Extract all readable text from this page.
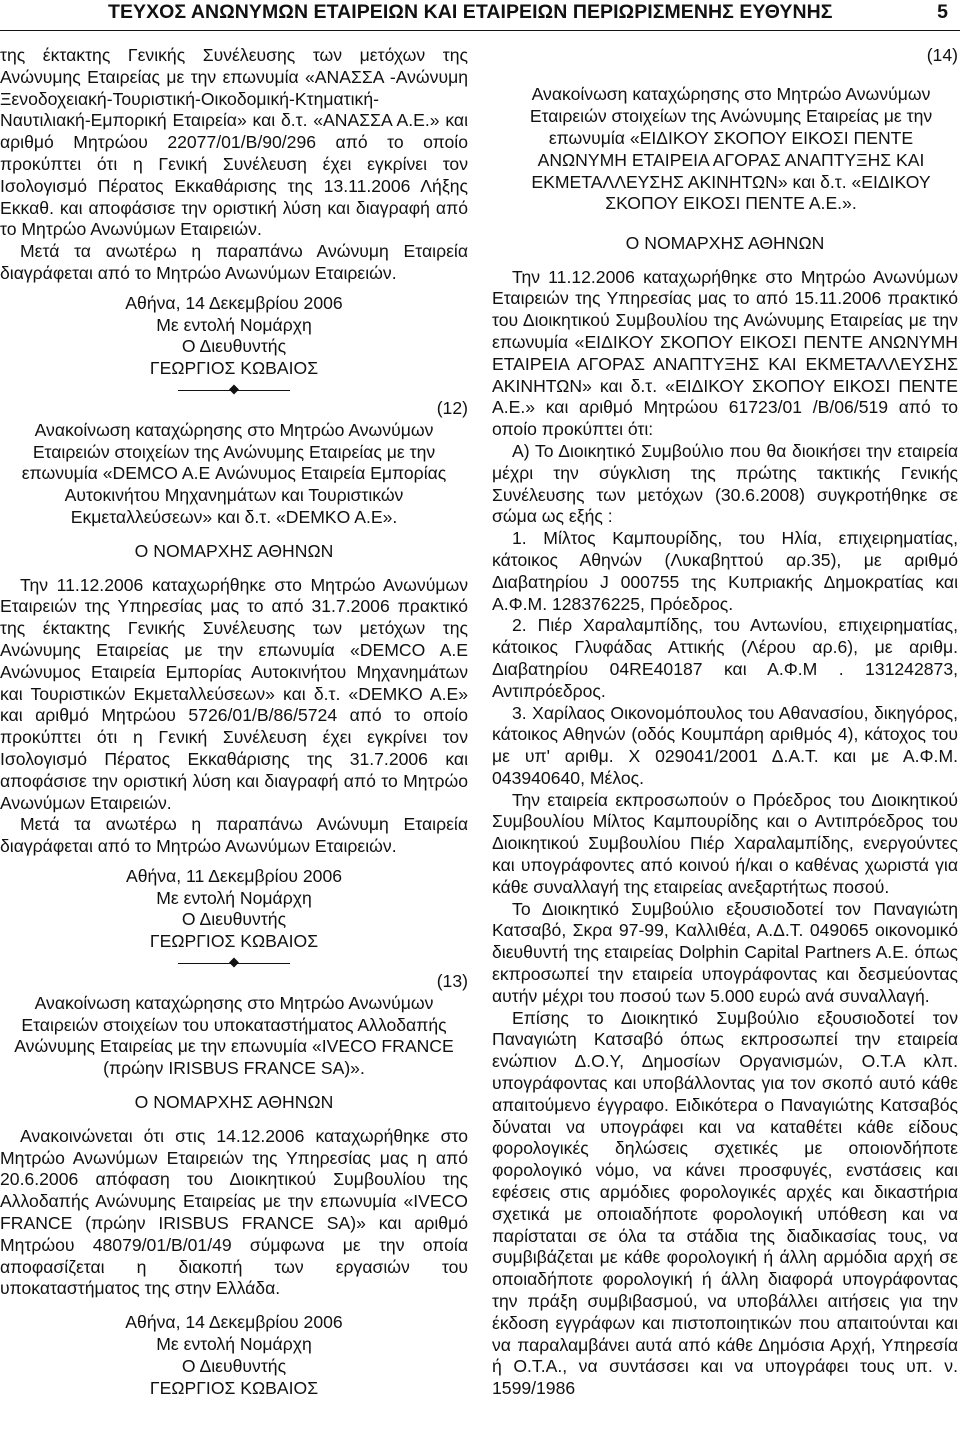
ΤΕΥΧΟΣ ΑΝΩΝΥΜΩΝ ΕΤΑΙΡΕΙΩΝ ΚΑΙ ΕΤΑΙΡΕΙΩΝ ΠΕΡΙΩΡΙΣΜΕΝΗΣ ΕΥΘΥΝΗΣ	5

της έκτακτης Γενικής Συνέλευσης των μετόχων της Ανώνυμης Εταιρείας με την επωνυμία «ΑΝΑΣΣΑ -Ανώνυμη Ξενοδοχειακή-Τουριστική-Οικοδομική-Κτηματική-Ναυτιλιακή-Εμπορική Εταιρεία» και δ.τ. «ΑΝΑΣΣΑ Α.Ε.» και αριθμό Μητρώου 22077/01/Β/90/296 από το οποίο προκύπτει ότι η Γενική Συνέλευση έχει εγκρίνει τον Ισολογισμό Πέρατος Εκκαθάρισης της 13.11.2006 Λήξης Εκκαθ. και αποφάσισε την οριστική λύση και διαγραφή από το Μητρώο Ανωνύμων Εταιρειών.

Μετά τα ανωτέρω η παραπάνω Ανώνυμη Εταιρεία διαγράφεται από το Μητρώο Ανωνύμων Εταιρειών.

Αθήνα, 14 Δεκεμβρίου 2006

Με εντολή Νομάρχη

Ο Διευθυντής

ΓΕΩΡΓΙΟΣ ΚΩΒΑΙΟΣ

(12)

Ανακοίνωση καταχώρησης στο Μητρώο Ανωνύμων Εταιρειών στοιχείων της Ανώνυμης Εταιρείας με την επωνυμία «DEMCO A.E Ανώνυμος Εταιρεία Εμπορίας Αυτοκινήτου Μηχανημάτων και Τουριστικών Εκμεταλλεύσεων» και δ.τ. «DEMKO A.E».

Ο ΝΟΜΑΡΧΗΣ ΑΘΗΝΩΝ

Την 11.12.2006 καταχωρήθηκε στο Μητρώο Ανωνύμων Εταιρειών της Υπηρεσίας μας το από 31.7.2006 πρακτικό της έκτακτης Γενικής Συνέλευσης των μετόχων της Ανώνυμης Εταιρείας με την επωνυμία «DEMCO A.E Ανώνυμος Εταιρεία Εμπορίας Αυτοκινήτου Μηχανημάτων και Τουριστικών Εκμεταλλεύσεων» και δ.τ. «DEMKO A.E» και αριθμό Μητρώου 5726/01/Β/86/5724 από το οποίο προκύπτει ότι η Γενική Συνέλευση έχει εγκρίνει τον Ισολογισμό Πέρατος Εκκαθάρισης της 31.7.2006 και αποφάσισε την οριστική λύση και διαγραφή από το Μητρώο Ανωνύμων Εταιρειών.

Μετά τα ανωτέρω η παραπάνω Ανώνυμη Εταιρεία διαγράφεται από το Μητρώο Ανωνύμων Εταιρειών.

Αθήνα, 11 Δεκεμβρίου 2006

Με εντολή Νομάρχη

Ο Διευθυντής

ΓΕΩΡΓΙΟΣ ΚΩΒΑΙΟΣ

(13)

Ανακοίνωση καταχώρησης στο Μητρώο Ανωνύμων Εταιρειών στοιχείων του υποκαταστήματος Αλλοδαπής Ανώνυμης Εταιρείας με την επωνυμία «IVECO FRANCE (πρώην IRISBUS FRANCE SA)».

Ο ΝΟΜΑΡΧΗΣ ΑΘΗΝΩΝ

Ανακοινώνεται ότι στις 14.12.2006 καταχωρήθηκε στο Μητρώο Ανωνύμων Εταιρειών της Υπηρεσίας μας η από 20.6.2006 απόφαση του Διοικητικού Συμβουλίου της Αλλοδαπής Ανώνυμης Εταιρείας με την επωνυμία «IVECO FRANCE (πρώην IRISBUS FRANCE SA)» και αριθμό Μητρώου 48079/01/Β/01/49 σύμφωνα με την οποία αποφασίζεται η διακοπή των εργασιών του υποκαταστήματος της στην Ελλάδα.

Αθήνα, 14 Δεκεμβρίου 2006

Με εντολή Νομάρχη

Ο Διευθυντής

ΓΕΩΡΓΙΟΣ ΚΩΒΑΙΟΣ

(14)

Ανακοίνωση καταχώρησης στο Μητρώο Ανωνύμων Εταιρειών στοιχείων της Ανώνυμης Εταιρείας με την επωνυμία «ΕΙΔΙΚΟΥ ΣΚΟΠΟΥ ΕΙΚΟΣΙ ΠΕΝΤΕ ΑΝΩΝΥΜΗ ΕΤΑΙΡΕΙΑ ΑΓΟΡΑΣ ΑΝΑΠΤΥΞΗΣ ΚΑΙ ΕΚΜΕΤΑΛΛΕΥΣΗΣ ΑΚΙΝΗΤΩΝ» και δ.τ. «ΕΙΔΙΚΟΥ ΣΚΟΠΟΥ ΕΙΚΟΣΙ ΠΕΝΤΕ Α.Ε.».

Ο ΝΟΜΑΡΧΗΣ ΑΘΗΝΩΝ

Την 11.12.2006 καταχωρήθηκε στο Μητρώο Ανωνύμων Εταιρειών της Υπηρεσίας μας το από 15.11.2006 πρακτικό του Διοικητικού Συμβουλίου της Ανώνυμης Εταιρείας με την επωνυμία «ΕΙΔΙΚΟΥ ΣΚΟΠΟΥ ΕΙΚΟΣΙ ΠΕΝΤΕ ΑΝΩΝΥΜΗ ΕΤΑΙΡΕΙΑ ΑΓΟΡΑΣ ΑΝΑΠΤΥΞΗΣ ΚΑΙ ΕΚΜΕΤΑΛΛΕΥΣΗΣ ΑΚΙΝΗΤΩΝ» και δ.τ. «ΕΙΔΙΚΟΥ ΣΚΟΠΟΥ ΕΙΚΟΣΙ ΠΕΝΤΕ Α.Ε.» και αριθμό Μητρώου 61723/01 /Β/06/519 από το οποίο προκύπτει ότι:

Α) Το Διοικητικό Συμβούλιο που θα διοικήσει την εταιρεία μέχρι την σύγκλιση της πρώτης τακτικής Γενικής Συνέλευσης των μετόχων (30.6.2008) συγκροτήθηκε σε σώμα ως εξής :

1. Μίλτος Καμπουρίδης, του Ηλία, επιχειρηματίας, κάτοικος Αθηνών (Λυκαβηττού αρ.35), με αριθμό Διαβατηρίου J 000755 της Κυπριακής Δημοκρατίας και Α.Φ.Μ. 128376225, Πρόεδρος.

2. Πιέρ Χαραλαμπίδης, του Αντωνίου, επιχειρηματίας, κάτοικος Γλυφάδας Αττικής (Λέρου αρ.6), με αριθμ. Διαβατηρίου 04RE40187 και Α.Φ.Μ . 131242873, Αντιπρόεδρος.

3. Χαρίλαος Οικονομόπουλος του Αθανασίου, δικηγόρος, κάτοικος Αθηνών (οδός Κουμπάρη αριθμός 4), κάτοχος του με υπ' αριθμ. Χ 029041/2001 Δ.Α.Τ. και με Α.Φ.Μ. 043940640, Μέλος.

Την εταιρεία εκπροσωπούν ο Πρόεδρος του Διοικητικού Συμβουλίου Μίλτος Καμπουρίδης και ο Αντιπρόεδρος του Διοικητικού Συμβουλίου Πιέρ Χαραλαμπίδης, ενεργούντες και υπογράφοντες από κοινού ή/και ο καθένας χωριστά για κάθε συναλλαγή της εταιρείας ανεξαρτήτως ποσού.

Το Διοικητικό Συμβούλιο εξουσιοδοτεί τον Παναγιώτη Κατσαβό, Σκρα 97-99, Καλλιθέα, Α.Δ.Τ. 049065 οικονομικό διευθυντή της εταιρείας Dolphin Capital Partners A.E. όπως εκπροσωπεί την εταιρεία υπογράφοντας και δεσμεύοντας αυτήν μέχρι του ποσού των 5.000 ευρώ ανά συναλλαγή.

Επίσης το Διοικητικό Συμβούλιο εξουσιοδοτεί τον Παναγιώτη Κατσαβό όπως εκπροσωπεί την εταιρεία ενώπιον Δ.Ο.Υ, Δημοσίων Οργανισμών, Ο.Τ.Α κλπ. υπογράφοντας και υποβάλλοντας για τον σκοπό αυτό κάθε απαιτούμενο έγγραφο. Ειδικότερα ο Παναγιώτης Κατσαβός δύναται να υπογράφει και να καταθέτει κάθε είδους φορολογικές δηλώσεις σχετικές με οποιονδήποτε φορολογικό νόμο, να κάνει προσφυγές, ενστάσεις και εφέσεις στις αρμόδιες φορολογικές αρχές και δικαστήρια σχετικά με οποιαδήποτε φορολογική υπόθεση και να παρίσταται σε όλα τα στάδια της διαδικασίας τους, να συμβιβάζεται με κάθε φορολογική ή άλλη αρμόδια αρχή σε οποιαδήποτε φορολογική ή άλλη διαφορά υπογράφοντας την πράξη συμβιβασμού, να υποβάλλει αιτήσεις για την έκδοση εγγράφων και πιστοποιητικών που απαιτούνται και να παραλαμβάνει αυτά από κάθε Δημόσια Αρχή, Υπηρεσία ή Ο.Τ.Α., να συντάσσει και να υπογράφει τους υπ. ν. 1599/1986
